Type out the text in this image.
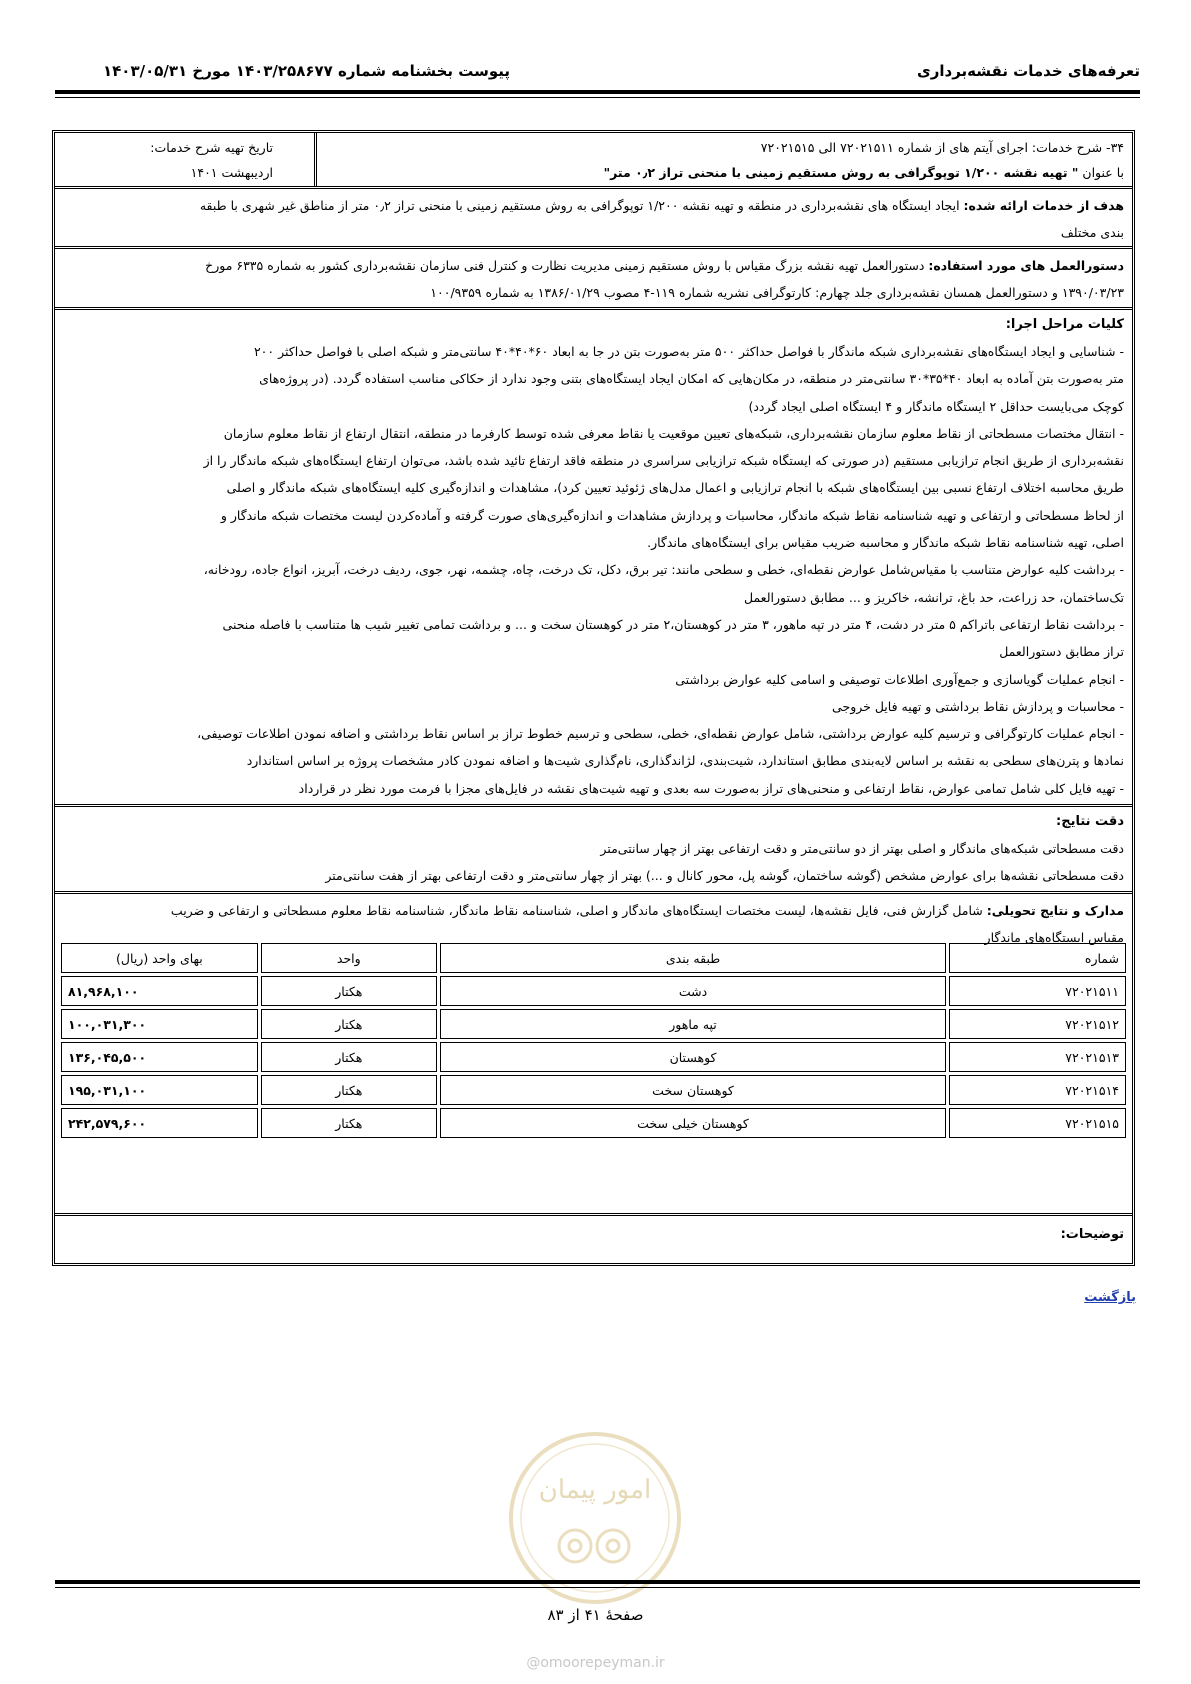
تعرفه‌های خدمات نقشه‌برداری
پیوست بخشنامه شماره ۱۴۰۳/۲۵۸۶۷۷ مورخ ۱۴۰۳/۰۵/۳۱
۳۴- شرح خدمات: اجرای آیتم های از شماره ۷۲۰۲۱۵۱۱ الی ۷۲۰۲۱۵۱۵
با عنوان " تهیه نقشه ۱/۲۰۰ توپوگرافی به روش مستقیم زمینی با منحنی تراز ۰٫۲ متر"
تاریخ تهیه شرح خدمات:
اردیبهشت ۱۴۰۱
هدف از خدمات ارائه شده: ایجاد ایستگاه های نقشه‌برداری در منطقه و تهیه نقشه ۱/۲۰۰ توپوگرافی به روش مستقیم زمینی با منحنی تراز ۰٫۲ متر از مناطق غیر شهری با طبقه
بندی مختلف
دستورالعمل های مورد استفاده: دستورالعمل تهیه نقشه بزرگ مقیاس با روش مستقیم زمینی مدیریت نظارت و کنترل فنی سازمان نقشه‌برداری کشور به شماره ۶۳۳۵ مورخ
۱۳۹۰/۰۳/۲۳ و دستورالعمل همسان نقشه‌برداری جلد چهارم: کارتوگرافی نشریه شماره ۱۱۹-۴ مصوب ۱۳۸۶/۰۱/۲۹ به شماره ۱۰۰/۹۳۵۹
کلیات مراحل اجرا:
- شناسایی و ایجاد ایستگاه‌های نقشه‌برداری شبکه ماندگار با فواصل حداکثر ۵۰۰ متر به‌صورت بتن در جا به ابعاد ۶۰*۴۰*۴۰ سانتی‌متر و شبکه اصلی با فواصل حداکثر ۲۰۰
متر به‌صورت بتن آماده به ابعاد ۴۰*۳۵*۳۰ سانتی‌متر در منطقه، در مکان‌هایی که امکان ایجاد ایستگاه‌های بتنی وجود ندارد از حکاکی مناسب استفاده گردد. (در پروژه‌های
کوچک می‌بایست حداقل ۲ ایستگاه ماندگار و ۴ ایستگاه اصلی ایجاد گردد)
- انتقال مختصات مسطحاتی از نقاط معلوم سازمان نقشه‌برداری، شبکه‌های تعیین موقعیت یا نقاط معرفی شده توسط کارفرما در منطقه، انتقال ارتفاع از نقاط معلوم سازمان
نقشه‌برداری از طریق انجام ترازیابی مستقیم (در صورتی که ایستگاه شبکه ترازیابی سراسری در منطقه فاقد ارتفاع تائید شده باشد، می‌توان ارتفاع ایستگاه‌های شبکه ماندگار را از
طریق محاسبه اختلاف ارتفاع نسبی بین ایستگاه‌های شبکه با انجام ترازیابی و اعمال مدل‌های ژئوئید تعیین کرد)، مشاهدات و اندازه‌گیری کلیه ایستگاه‌های شبکه ماندگار و اصلی
از لحاظ مسطحاتی و ارتفاعی و تهیه شناسنامه نقاط شبکه ماندگار، محاسبات و پردازش مشاهدات و اندازه‌گیری‌های صورت گرفته و آماده‌کردن لیست مختصات شبکه ماندگار و
اصلی، تهیه شناسنامه نقاط شبکه ماندگار و محاسبه ضریب مقیاس برای ایستگاه‌های ماندگار.
- برداشت کلیه عوارض متناسب با مقیاس‌شامل عوارض نقطه‌ای، خطی و سطحی مانند: تیر برق، دکل، تک درخت، چاه، چشمه، نهر، جوی، ردیف درخت، آبریز، انواع جاده، رودخانه،
تک‌ساختمان، حد زراعت، حد باغ، ترانشه، خاکریز و ... مطابق دستورالعمل
- برداشت نقاط ارتفاعی باتراکم ۵ متر در دشت، ۴ متر در تپه ماهور، ۳ متر در کوهستان،۲ متر در کوهستان سخت و ... و برداشت تمامی تغییر شیب ها متناسب با فاصله منحنی
تراز مطابق دستورالعمل
- انجام عملیات گویاسازی و جمع‌آوری اطلاعات توصیفی و اسامی کلیه عوارض برداشتی
- محاسبات و پردازش نقاط برداشتی و تهیه فایل خروجی
- انجام عملیات کارتوگرافی و ترسیم کلیه عوارض برداشتی، شامل عوارض نقطه‌ای، خطی، سطحی و ترسیم خطوط تراز بر اساس نقاط برداشتی و اضافه نمودن اطلاعات توصیفی،
نمادها و پترن‌های سطحی به نقشه بر اساس لایه‌بندی مطابق استاندارد، شیت‌بندی، لژاندگذاری، نام‌گذاری شیت‌ها و اضافه نمودن کادر مشخصات پروژه بر اساس استاندارد
- تهیه فایل کلی شامل تمامی عوارض، نقاط ارتفاعی و منحنی‌های تراز به‌صورت سه بعدی و تهیه شیت‌های نقشه در فایل‌های مجزا با فرمت مورد نظر در قرارداد
دقت نتایج:
دقت مسطحاتی شبکه‌های ماندگار و اصلی بهتر از دو سانتی‌متر و دقت ارتفاعی بهتر از چهار سانتی‌متر
دقت مسطحاتی نقشه‌ها برای عوارض مشخص (گوشه ساختمان، گوشه پل، محور کانال و ...) بهتر از چهار سانتی‌متر و دقت ارتفاعی بهتر از هفت سانتی‌متر
مدارک و نتایج تحویلی: شامل گزارش فنی، فایل نقشه‌ها، لیست مختصات ایستگاه‌های ماندگار و اصلی، شناسنامه نقاط ماندگار، شناسنامه نقاط معلوم مسطحاتی و ارتفاعی و ضریب
مقیاس ایستگاه‌های ماندگار
شماره	طبقه بندی	واحد	بهای واحد (ریال)
۷۲۰۲۱۵۱۱	دشت	هکتار	۸۱,۹۶۸,۱۰۰
۷۲۰۲۱۵۱۲	تپه ماهور	هکتار	۱۰۰,۰۳۱,۳۰۰
۷۲۰۲۱۵۱۳	کوهستان	هکتار	۱۳۶,۰۴۵,۵۰۰
۷۲۰۲۱۵۱۴	کوهستان سخت	هکتار	۱۹۵,۰۳۱,۱۰۰
۷۲۰۲۱۵۱۵	کوهستان خیلی سخت	هکتار	۲۴۲,۵۷۹,۶۰۰
توضیحات:
بازگشت
امور پیمان
صفحهٔ ۴۱ از ۸۳
@omoorepeyman.ir
